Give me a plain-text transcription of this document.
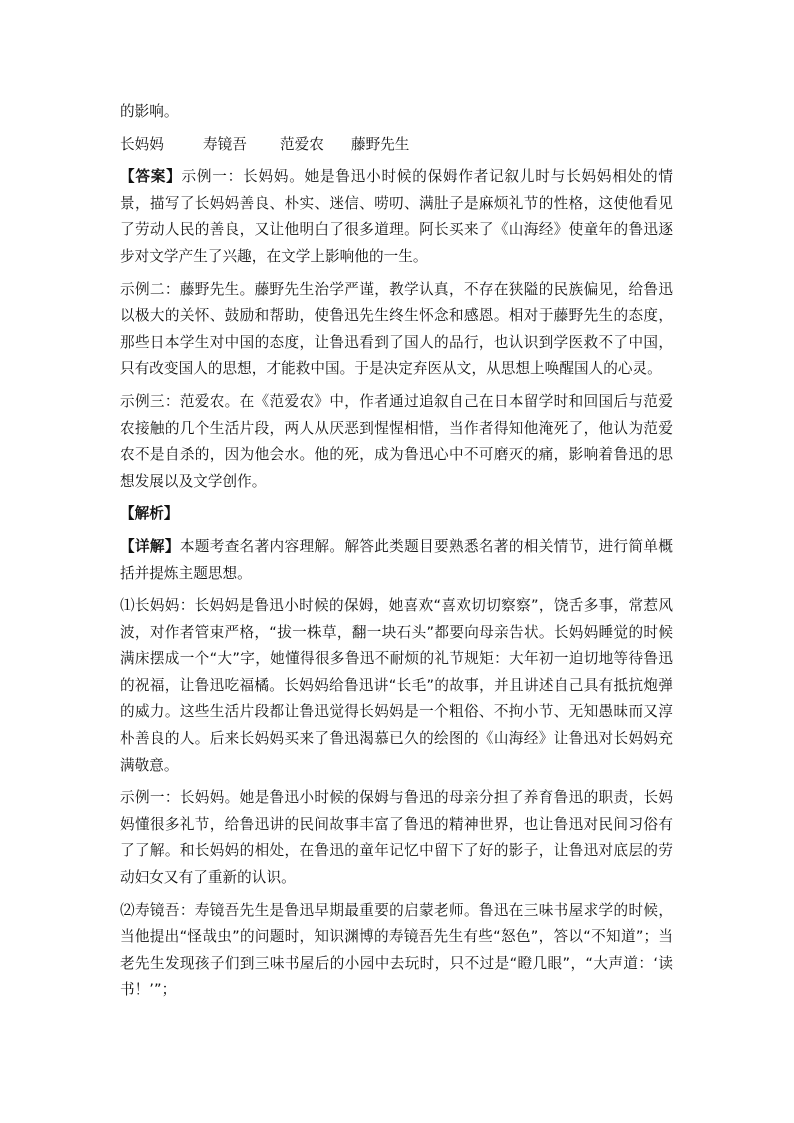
的影响。

长妈妈	寿镜吾	范爱农	藤野先生

【答案】示例一：长妈妈。她是鲁迅小时候的保姆作者记叙儿时与长妈妈相处的情景，描写了长妈妈善良、朴实、迷信、唠叨、满肚子是麻烦礼节的性格，这使他看见了劳动人民的善良，又让他明白了很多道理。阿长买来了《山海经》使童年的鲁迅逐步对文学产生了兴趣，在文学上影响他的一生。

示例二：藤野先生。藤野先生治学严谨，教学认真，不存在狭隘的民族偏见，给鲁迅以极大的关怀、鼓励和帮助，使鲁迅先生终生怀念和感恩。相对于藤野先生的态度，那些日本学生对中国的态度，让鲁迅看到了国人的品行，也认识到学医救不了中国，只有改变国人的思想，才能救中国。于是决定弃医从文，从思想上唤醒国人的心灵。

示例三：范爱农。在《范爱农》中，作者通过追叙自己在日本留学时和回国后与范爱农接触的几个生活片段，两人从厌恶到惺惺相惜，当作者得知他淹死了，他认为范爱农不是自杀的，因为他会水。他的死，成为鲁迅心中不可磨灭的痛，影响着鲁迅的思想发展以及文学创作。

【解析】

【详解】本题考查名著内容理解。解答此类题目要熟悉名著的相关情节，进行简单概括并提炼主题思想。

⑴长妈妈：长妈妈是鲁迅小时候的保姆，她喜欢“喜欢切切察察”，饶舌多事，常惹风波，对作者管束严格，“拔一株草，翻一块石头”都要向母亲告状。长妈妈睡觉的时候满床摆成一个“大”字，她懂得很多鲁迅不耐烦的礼节规矩：大年初一迫切地等待鲁迅的祝福，让鲁迅吃福橘。长妈妈给鲁迅讲“长毛”的故事，并且讲述自己具有抵抗炮弹的威力。这些生活片段都让鲁迅觉得长妈妈是一个粗俗、不拘小节、无知愚昧而又淳朴善良的人。后来长妈妈买来了鲁迅渴慕已久的绘图的《山海经》让鲁迅对长妈妈充满敬意。

示例一：长妈妈。她是鲁迅小时候的保姆与鲁迅的母亲分担了养育鲁迅的职责，长妈妈懂很多礼节，给鲁迅讲的民间故事丰富了鲁迅的精神世界，也让鲁迅对民间习俗有了了解。和长妈妈的相处，在鲁迅的童年记忆中留下了好的影子，让鲁迅对底层的劳动妇女又有了重新的认识。

⑵寿镜吾：寿镜吾先生是鲁迅早期最重要的启蒙老师。鲁迅在三味书屋求学的时候，当他提出“怪哉虫”的问题时，知识渊博的寿镜吾先生有些“怒色”，答以“不知道”；当老先生发现孩子们到三味书屋后的小园中去玩时，只不过是“瞪几眼”，“大声道：‘读书！’”；
